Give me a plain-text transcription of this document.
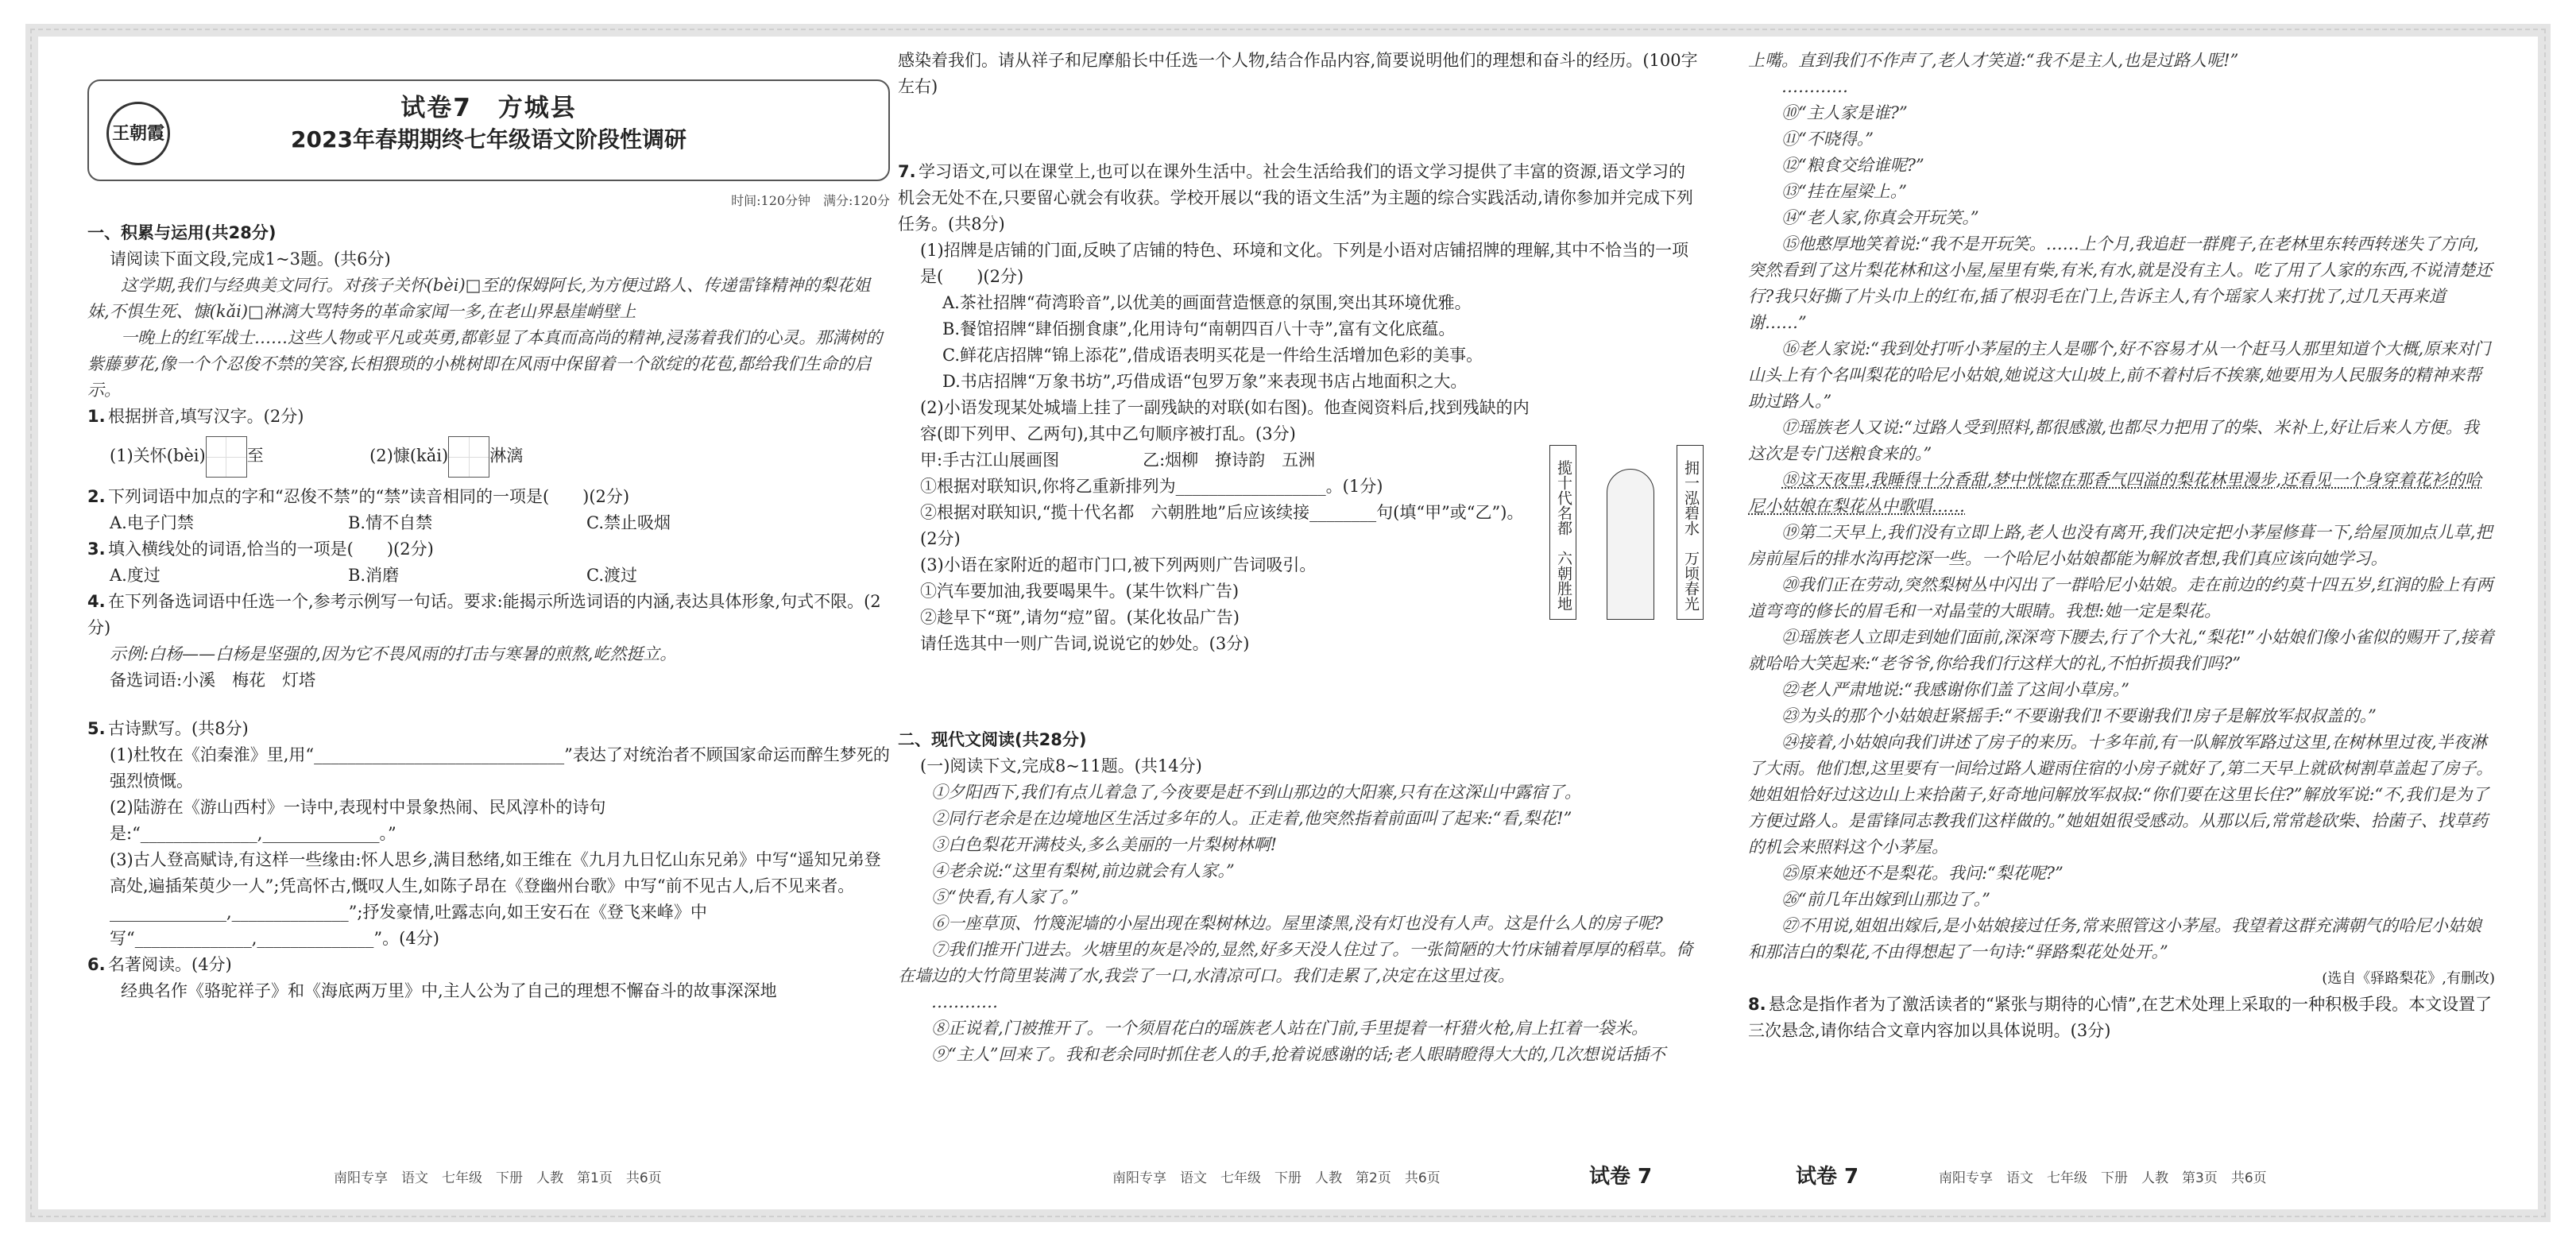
王朝霞
试卷7　方城县
2023年春期期终七年级语文阶段性调研
时间:120分钟　满分:120分
一、积累与运用(共28分)
请阅读下面文段,完成1~3题。(共6分)
这学期,我们与经典美文同行。对孩子关怀(bèi)□至的保姆阿长,为方便过路人、传递雷锋精神的梨花姐妹,不惧生死、慷(kǎi)□淋漓大骂特务的革命家闻一多,在老山界悬崖峭壁上
一晚上的红军战士……这些人物或平凡或英勇,都彰显了本真而高尚的精神,浸荡着我们的心灵。那满树的紫藤萝花,像一个个忍俊不禁的笑容,长相猥琐的小桃树即在风雨中保留着一个欲绽的花苞,都给我们生命的启示。
1. 根据拼音,填写汉字。(2分)
(1)关怀(bèi) 至	(2)慷(kǎi) 淋漓
2. 下列词语中加点的字和“忍俊不禁”的“禁”读音相同的一项是(　　)(2分)
A.电子门禁	B.情不自禁	C.禁止吸烟
3. 填入横线处的词语,恰当的一项是(　　)(2分)
A.度过	B.消磨	C.渡过
4. 在下列备选词语中任选一个,参考示例写一句话。要求:能揭示所选词语的内涵,表达具体形象,句式不限。(2分)
示例:白杨——白杨是坚强的,因为它不畏风雨的打击与寒暑的煎熬,屹然挺立。
备选词语:小溪　梅花　灯塔
5. 古诗默写。(共8分)
(1)杜牧在《泊秦淮》里,用“______________________________”表达了对统治者不顾国家命运而醉生梦死的强烈愤慨。
(2)陆游在《游山西村》一诗中,表现村中景象热闹、民风淳朴的诗句是:“______________,______________。”
(3)古人登高赋诗,有这样一些缘由:怀人思乡,满目愁绪,如王维在《九月九日忆山东兄弟》中写“遥知兄弟登高处,遍插茱萸少一人”;凭高怀古,慨叹人生,如陈子昂在《登幽州台歌》中写“前不见古人,后不见来者。______________,______________”;抒发豪情,吐露志向,如王安石在《登飞来峰》中写“______________,______________”。(4分)
6. 名著阅读。(4分)
经典名作《骆驼祥子》和《海底两万里》中,主人公为了自己的理想不懈奋斗的故事深深地
感染着我们。请从祥子和尼摩船长中任选一个人物,结合作品内容,简要说明他们的理想和奋斗的经历。(100字左右)
7. 学习语文,可以在课堂上,也可以在课外生活中。社会生活给我们的语文学习提供了丰富的资源,语文学习的机会无处不在,只要留心就会有收获。学校开展以“我的语文生活”为主题的综合实践活动,请你参加并完成下列任务。(共8分)
(1)招牌是店铺的门面,反映了店铺的特色、环境和文化。下列是小语对店铺招牌的理解,其中不恰当的一项是(　　)(2分)
A.茶社招牌“荷湾聆音”,以优美的画面营造惬意的氛围,突出其环境优雅。
B.餐馆招牌“肆佰捌食康”,化用诗句“南朝四百八十寺”,富有文化底蕴。
C.鲜花店招牌“锦上添花”,借成语表明买花是一件给生活增加色彩的美事。
D.书店招牌“万象书坊”,巧借成语“包罗万象”来表现书店占地面积之大。
(2)小语发现某处城墙上挂了一副残缺的对联(如右图)。他查阅资料后,找到残缺的内容(即下列甲、乙两句),其中乙句顺序被打乱。(3分)
甲:手古江山展画图　　　　　乙:烟柳　撩诗韵　五洲
①根据对联知识,你将乙重新排列为__________________。(1分)
②根据对联知识,“揽十代名都　六朝胜地”后应该续接________句(填“甲”或“乙”)。(2分)
(3)小语在家附近的超市门口,被下列两则广告词吸引。
①汽车要加油,我要喝果牛。(某牛饮料广告)
②趁早下“斑”,请勿“痘”留。(某化妆品广告)
请任选其中一则广告词,说说它的妙处。(3分)
二、现代文阅读(共28分)
(一)阅读下文,完成8~11题。(共14分)
①夕阳西下,我们有点儿着急了,今夜要是赶不到山那边的大阳寨,只有在这深山中露宿了。
②同行老余是在边境地区生活过多年的人。正走着,他突然指着前面叫了起来:“看,梨花!”
③白色梨花开满枝头,多么美丽的一片梨树林啊!
④老余说:“这里有梨树,前边就会有人家。”
⑤“快看,有人家了。”
⑥一座草顶、竹篾泥墙的小屋出现在梨树林边。屋里漆黑,没有灯也没有人声。这是什么人的房子呢?
⑦我们推开门进去。火塘里的灰是冷的,显然,好多天没人住过了。一张简陋的大竹床铺着厚厚的稻草。倚在墙边的大竹筒里装满了水,我尝了一口,水清凉可口。我们走累了,决定在这里过夜。
…………
⑧正说着,门被推开了。一个须眉花白的瑶族老人站在门前,手里提着一杆猎火枪,肩上扛着一袋米。
⑨“主人”回来了。我和老余同时抓住老人的手,抢着说感谢的话;老人眼睛瞪得大大的,几次想说话插不
揽十代名都　六朝胜地	拥一泓碧水　万顷春光
上嘴。直到我们不作声了,老人才笑道:“我不是主人,也是过路人呢!”
…………
⑩“主人家是谁?”
⑪“不晓得。”
⑫“粮食交给谁呢?”
⑬“挂在屋梁上。”
⑭“老人家,你真会开玩笑。”
⑮他憨厚地笑着说:“我不是开玩笑。……上个月,我追赶一群麂子,在老林里东转西转迷失了方向,突然看到了这片梨花林和这小屋,屋里有柴,有米,有水,就是没有主人。吃了用了人家的东西,不说清楚还行?我只好撕了片头巾上的红布,插了根羽毛在门上,告诉主人,有个瑶家人来打扰了,过几天再来道谢……”
⑯老人家说:“我到处打听小茅屋的主人是哪个,好不容易才从一个赶马人那里知道个大概,原来对门山头上有个名叫梨花的哈尼小姑娘,她说这大山坡上,前不着村后不挨寨,她要用为人民服务的精神来帮助过路人。”
⑰瑶族老人又说:“过路人受到照料,都很感激,也都尽力把用了的柴、米补上,好让后来人方便。我这次是专门送粮食来的。”
⑱这天夜里,我睡得十分香甜,梦中恍惚在那香气四溢的梨花林里漫步,还看见一个身穿着花衫的哈尼小姑娘在梨花丛中歌唱……
⑲第二天早上,我们没有立即上路,老人也没有离开,我们决定把小茅屋修葺一下,给屋顶加点儿草,把房前屋后的排水沟再挖深一些。一个哈尼小姑娘都能为解放者想,我们真应该向她学习。
⑳我们正在劳动,突然梨树丛中闪出了一群哈尼小姑娘。走在前边的约莫十四五岁,红润的脸上有两道弯弯的修长的眉毛和一对晶莹的大眼睛。我想:她一定是梨花。
㉑瑶族老人立即走到她们面前,深深弯下腰去,行了个大礼,“梨花!”小姑娘们像小雀似的赐开了,接着就哈哈大笑起来:“老爷爷,你给我们行这样大的礼,不怕折损我们吗?”
㉒老人严肃地说:“我感谢你们盖了这间小草房。”
㉓为头的那个小姑娘赶紧摇手:“不要谢我们!不要谢我们!房子是解放军叔叔盖的。”
㉔接着,小姑娘向我们讲述了房子的来历。十多年前,有一队解放军路过这里,在树林里过夜,半夜淋了大雨。他们想,这里要有一间给过路人避雨住宿的小房子就好了,第二天早上就砍树割草盖起了房子。她姐姐恰好过这边山上来拾菌子,好奇地问解放军叔叔:“你们要在这里长住?”解放军说:“不,我们是为了方便过路人。是雷锋同志教我们这样做的。”她姐姐很受感动。从那以后,常常趁砍柴、拾菌子、找草药的机会来照料这个小茅屋。
㉕原来她还不是梨花。我问:“梨花呢?”
㉖“前几年出嫁到山那边了。”
㉗不用说,姐姐出嫁后,是小姑娘接过任务,常来照管这小茅屋。我望着这群充满朝气的哈尼小姑娘和那洁白的梨花,不由得想起了一句诗:“驿路梨花处处开。”
(选自《驿路梨花》,有删改)
8. 悬念是指作者为了激活读者的“紧张与期待的心情”,在艺术处理上采取的一种积极手段。本文设置了三次悬念,请你结合文章内容加以具体说明。(3分)
南阳专享　语文　七年级　下册　人教　第1页　共6页	南阳专享　语文　七年级　下册　人教　第2页　共6页	试卷 7	试卷 7	南阳专享　语文　七年级　下册　人教　第3页　共6页
